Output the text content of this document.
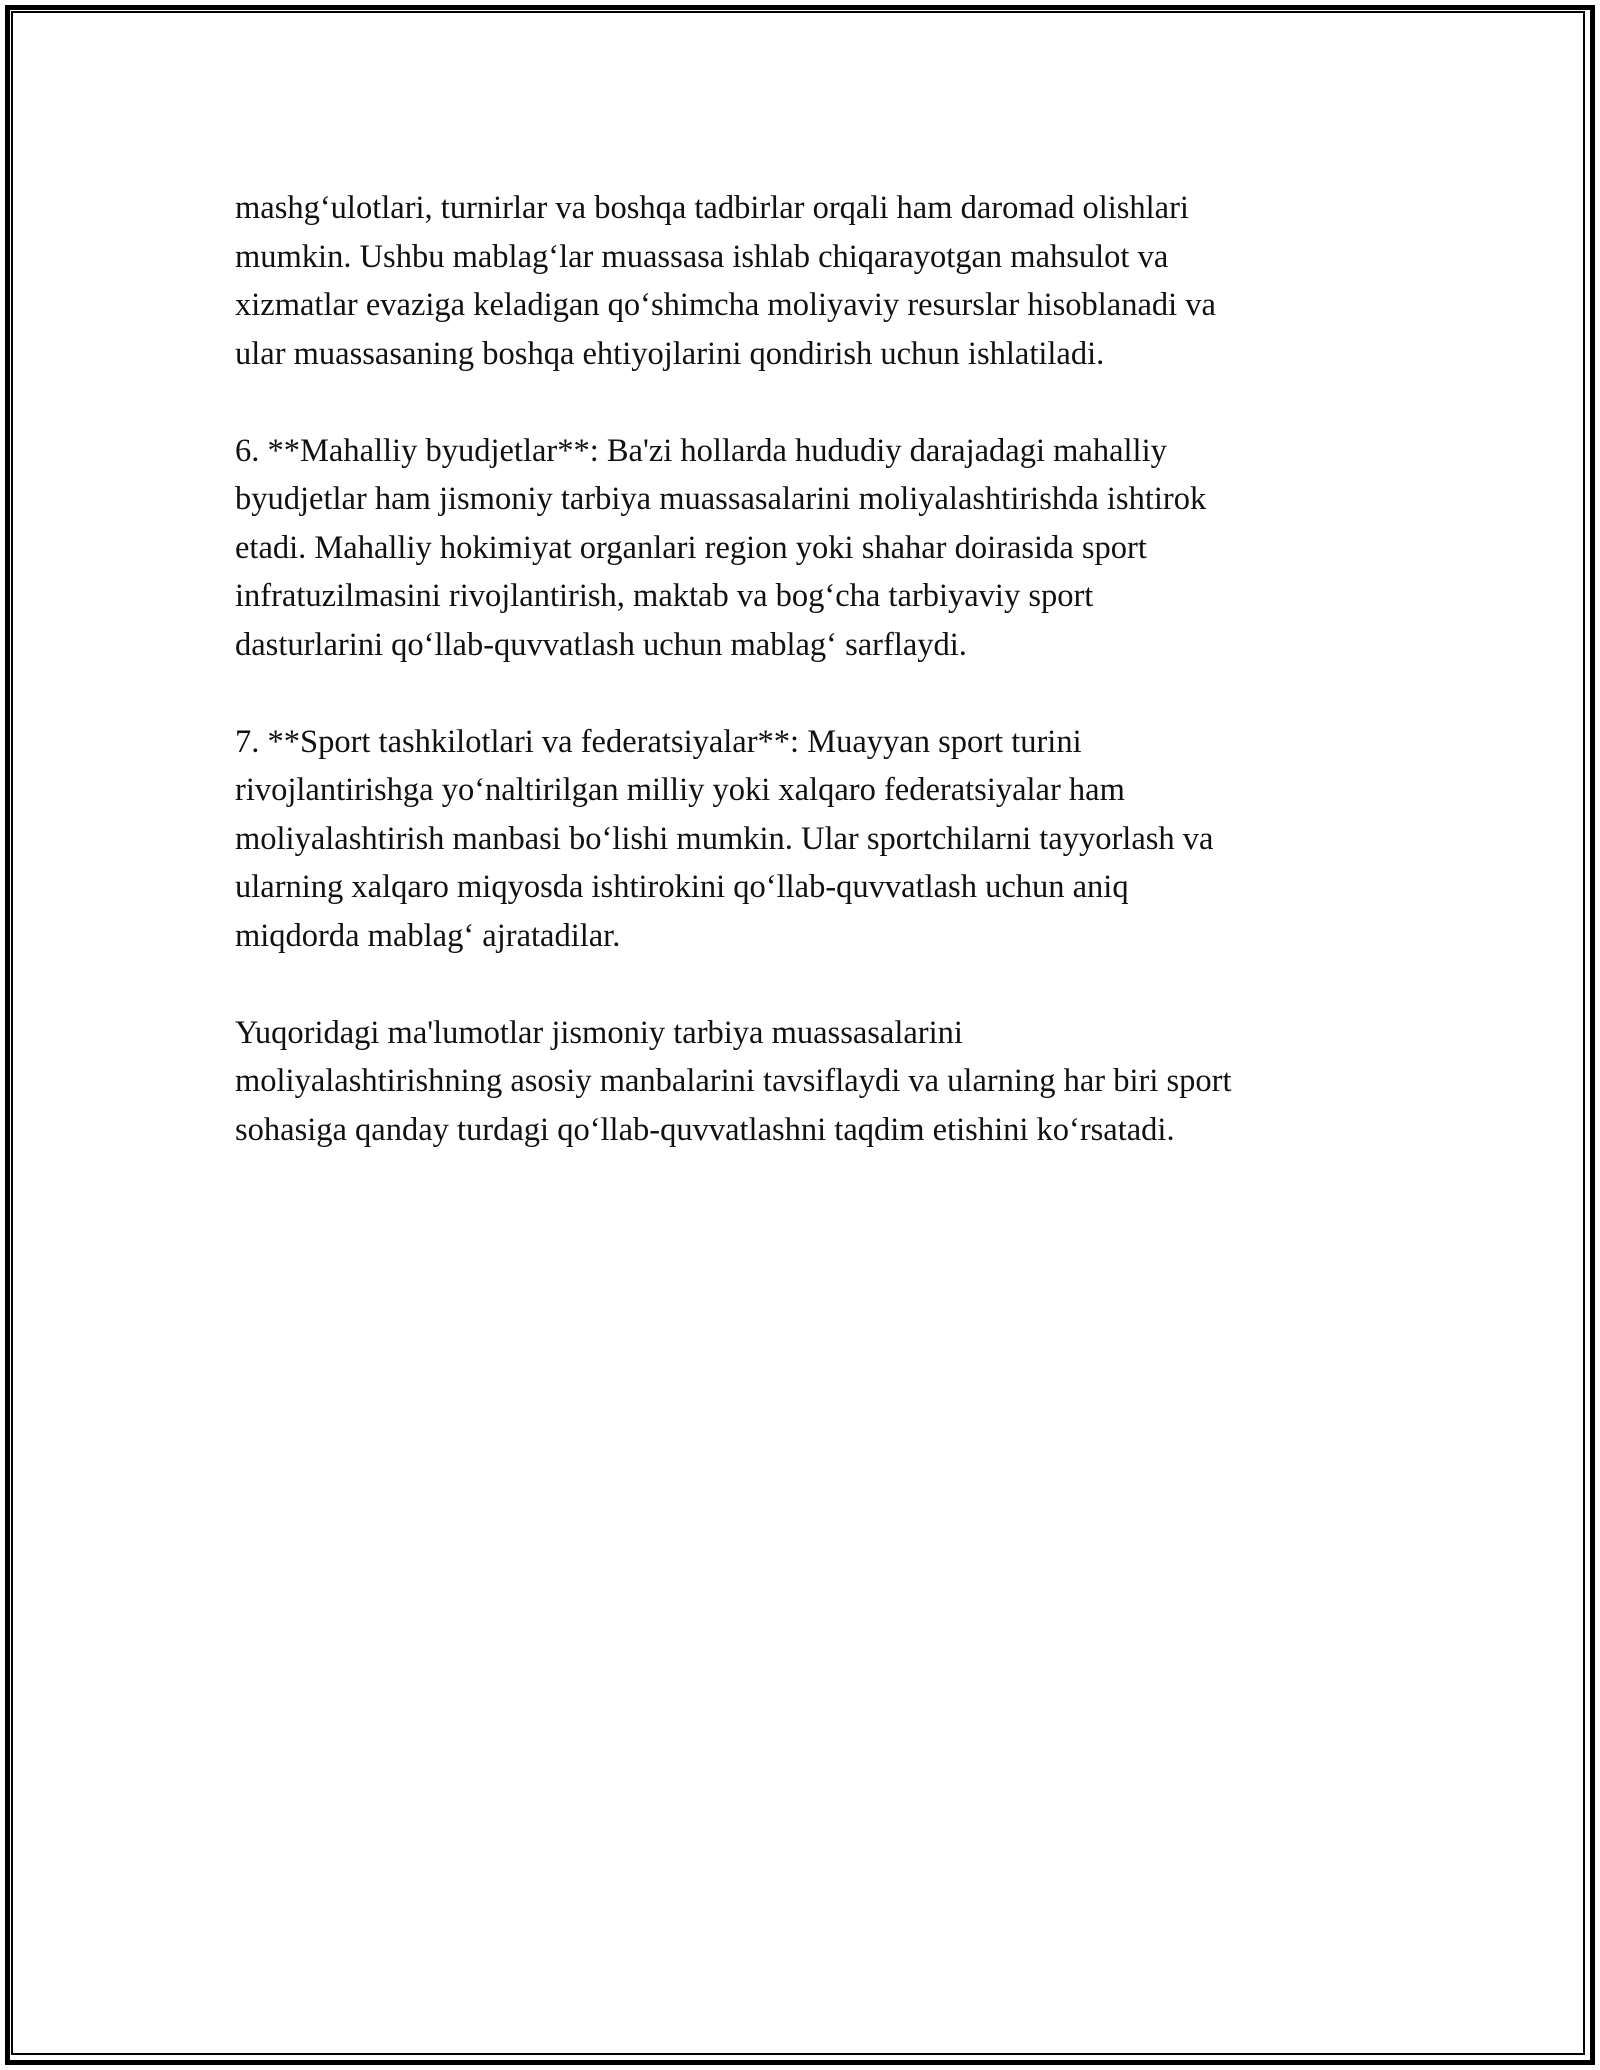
mashg‘ulotlari, turnirlar va boshqa tadbirlar orqali ham daromad olishlari
mumkin. Ushbu mablag‘lar muassasa ishlab chiqarayotgan mahsulot va
xizmatlar evaziga keladigan qo‘shimcha moliyaviy resurslar hisoblanadi va
ular muassasaning boshqa ehtiyojlarini qondirish uchun ishlatiladi.

6. **Mahalliy byudjetlar**: Ba'zi hollarda hududiy darajadagi mahalliy
byudjetlar ham jismoniy tarbiya muassasalarini moliyalashtirishda ishtirok
etadi. Mahalliy hokimiyat organlari region yoki shahar doirasida sport
infratuzilmasini rivojlantirish, maktab va bog‘cha tarbiyaviy sport
dasturlarini qo‘llab-quvvatlash uchun mablag‘ sarflaydi.

7. **Sport tashkilotlari va federatsiyalar**: Muayyan sport turini
rivojlantirishga yo‘naltirilgan milliy yoki xalqaro federatsiyalar ham
moliyalashtirish manbasi bo‘lishi mumkin. Ular sportchilarni tayyorlash va
ularning xalqaro miqyosda ishtirokini qo‘llab-quvvatlash uchun aniq
miqdorda mablag‘ ajratadilar.

Yuqoridagi ma'lumotlar jismoniy tarbiya muassasalarini
moliyalashtirishning asosiy manbalarini tavsiflaydi va ularning har biri sport
sohasiga qanday turdagi qo‘llab-quvvatlashni taqdim etishini ko‘rsatadi.
